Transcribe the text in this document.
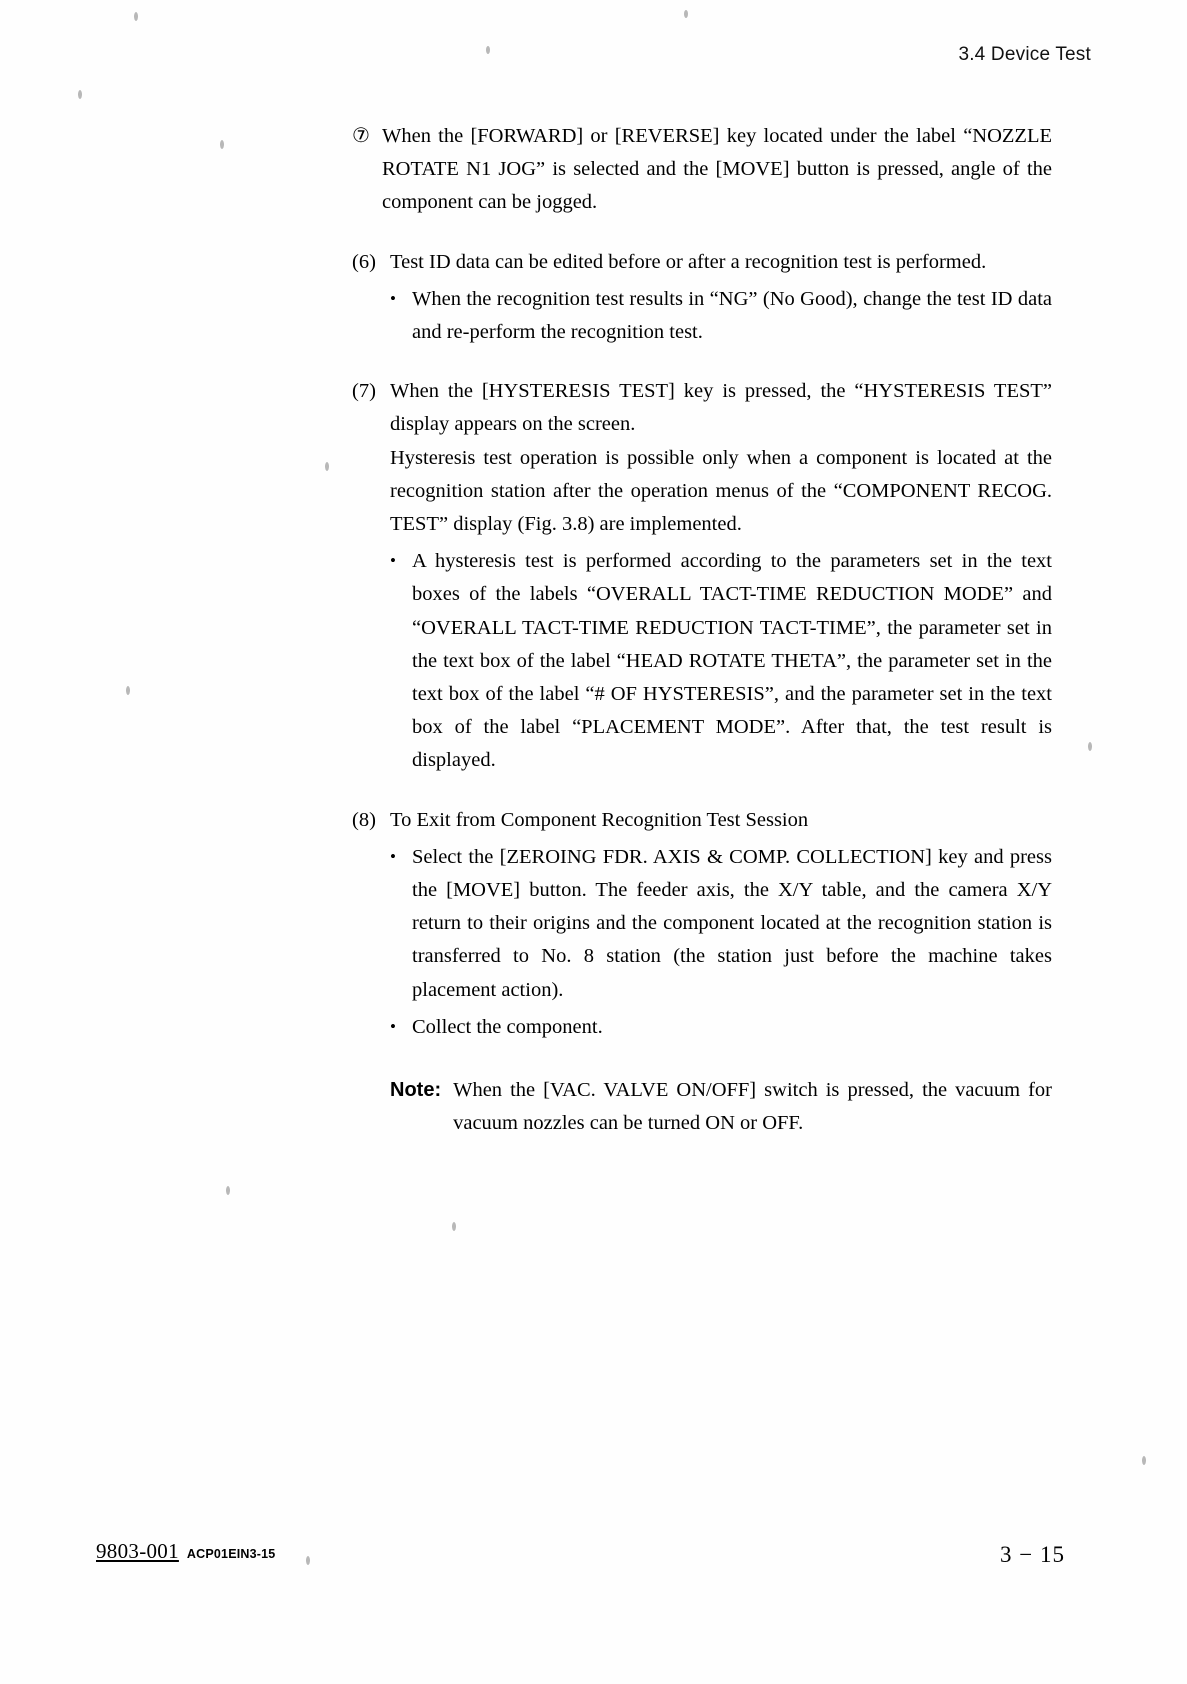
3.4 Device Test
⑦ When the [FORWARD] or [REVERSE] key located under the label “NOZZLE ROTATE N1 JOG” is selected and the [MOVE] button is pressed, angle of the component can be jogged.
(6) Test ID data can be edited before or after a recognition test is performed.
• When the recognition test results in “NG” (No Good), change the test ID data and re-perform the recognition test.
(7) When the [HYSTERESIS TEST] key is pressed, the “HYSTERESIS TEST” display appears on the screen.
Hysteresis test operation is possible only when a component is located at the recognition station after the operation menus of the “COMPONENT RECOG. TEST” display (Fig. 3.8) are implemented.
• A hysteresis test is performed according to the parameters set in the text boxes of the labels “OVERALL TACT-TIME REDUCTION MODE” and “OVERALL TACT-TIME REDUCTION TACT-TIME”, the parameter set in the text box of the label “HEAD ROTATE THETA”, the parameter set in the text box of the label “# OF HYSTERESIS”, and the parameter set in the text box of the label “PLACEMENT MODE”. After that, the test result is displayed.
(8) To Exit from Component Recognition Test Session
• Select the [ZEROING FDR. AXIS & COMP. COLLECTION] key and press the [MOVE] button. The feeder axis, the X/Y table, and the camera X/Y return to their origins and the component located at the recognition station is transferred to No. 8 station (the station just before the machine takes placement action).
• Collect the component.
Note: When the [VAC. VALVE ON/OFF] switch is pressed, the vacuum for vacuum nozzles can be turned ON or OFF.
9803-001 ACP01EIN3-15	3 − 15
